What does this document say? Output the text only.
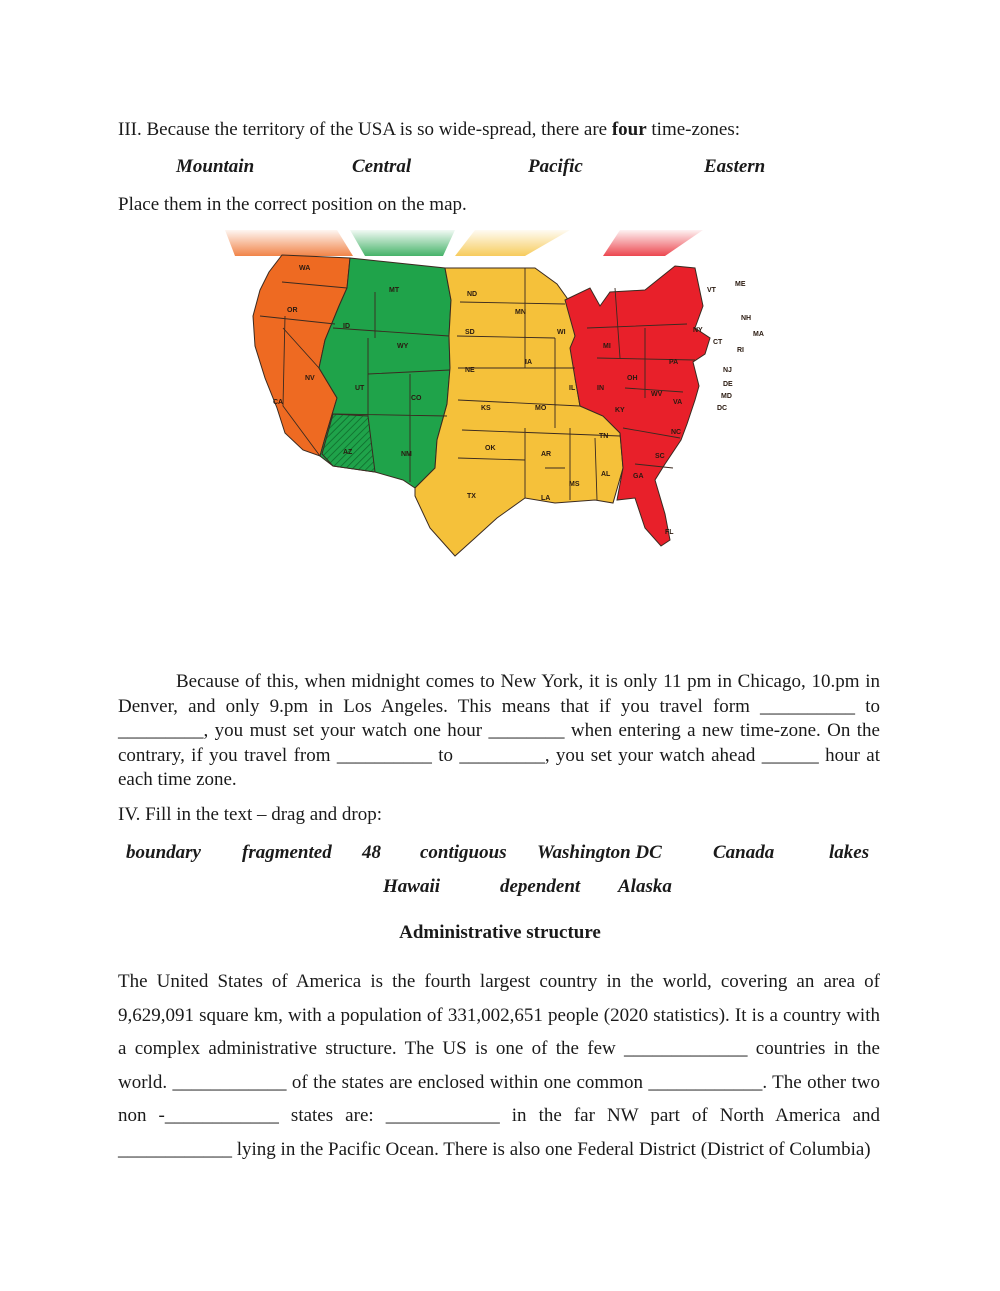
III. Because the territory of the USA is so wide-spread, there are four time-zones:
Mountain	Central	Pacific	Eastern
Place them in the correct position on the map.
WA
OR
NV
CA
MT
ID
WY
UT
CO
AZ	NM
ND
MN
SD	WI
IA
NE
IL
KS	MO
OK
AR
TN
MS
AL
LA
TX
VT
ME
NH
MA
NY
CT
RI
MI
PA
NJ
OH
IN
DE
MD
DC
WV
VA
KY
NC
SC
GA
FL
Because of this, when midnight comes to New York, it is only 11 pm in Chicago, 10.pm in Denver, and only 9.pm in Los Angeles. This means that if you travel form __________ to _________, you must set your watch one hour ________ when entering a new time-zone. On the contrary, if you travel from __________ to _________, you set your watch ahead ______ hour at each time zone.
IV. Fill in the text – drag and drop:
boundary fragmented 48 contiguous Washington DC	Canada	lakes
Hawaii	dependent Alaska
Administrative structure
The United States of America is the fourth largest country in the world, covering an area of 9,629,091 square km, with a population of 331,002,651 people (2020 statistics). It is a country with a complex administrative structure. The US is one of the few _____________ countries in the world. ____________ of the states are enclosed within one common ____________. The other two non -____________ states are: ____________ in the far NW part of North America and ____________ lying in the Pacific Ocean. There is also one Federal District (District of Columbia)
